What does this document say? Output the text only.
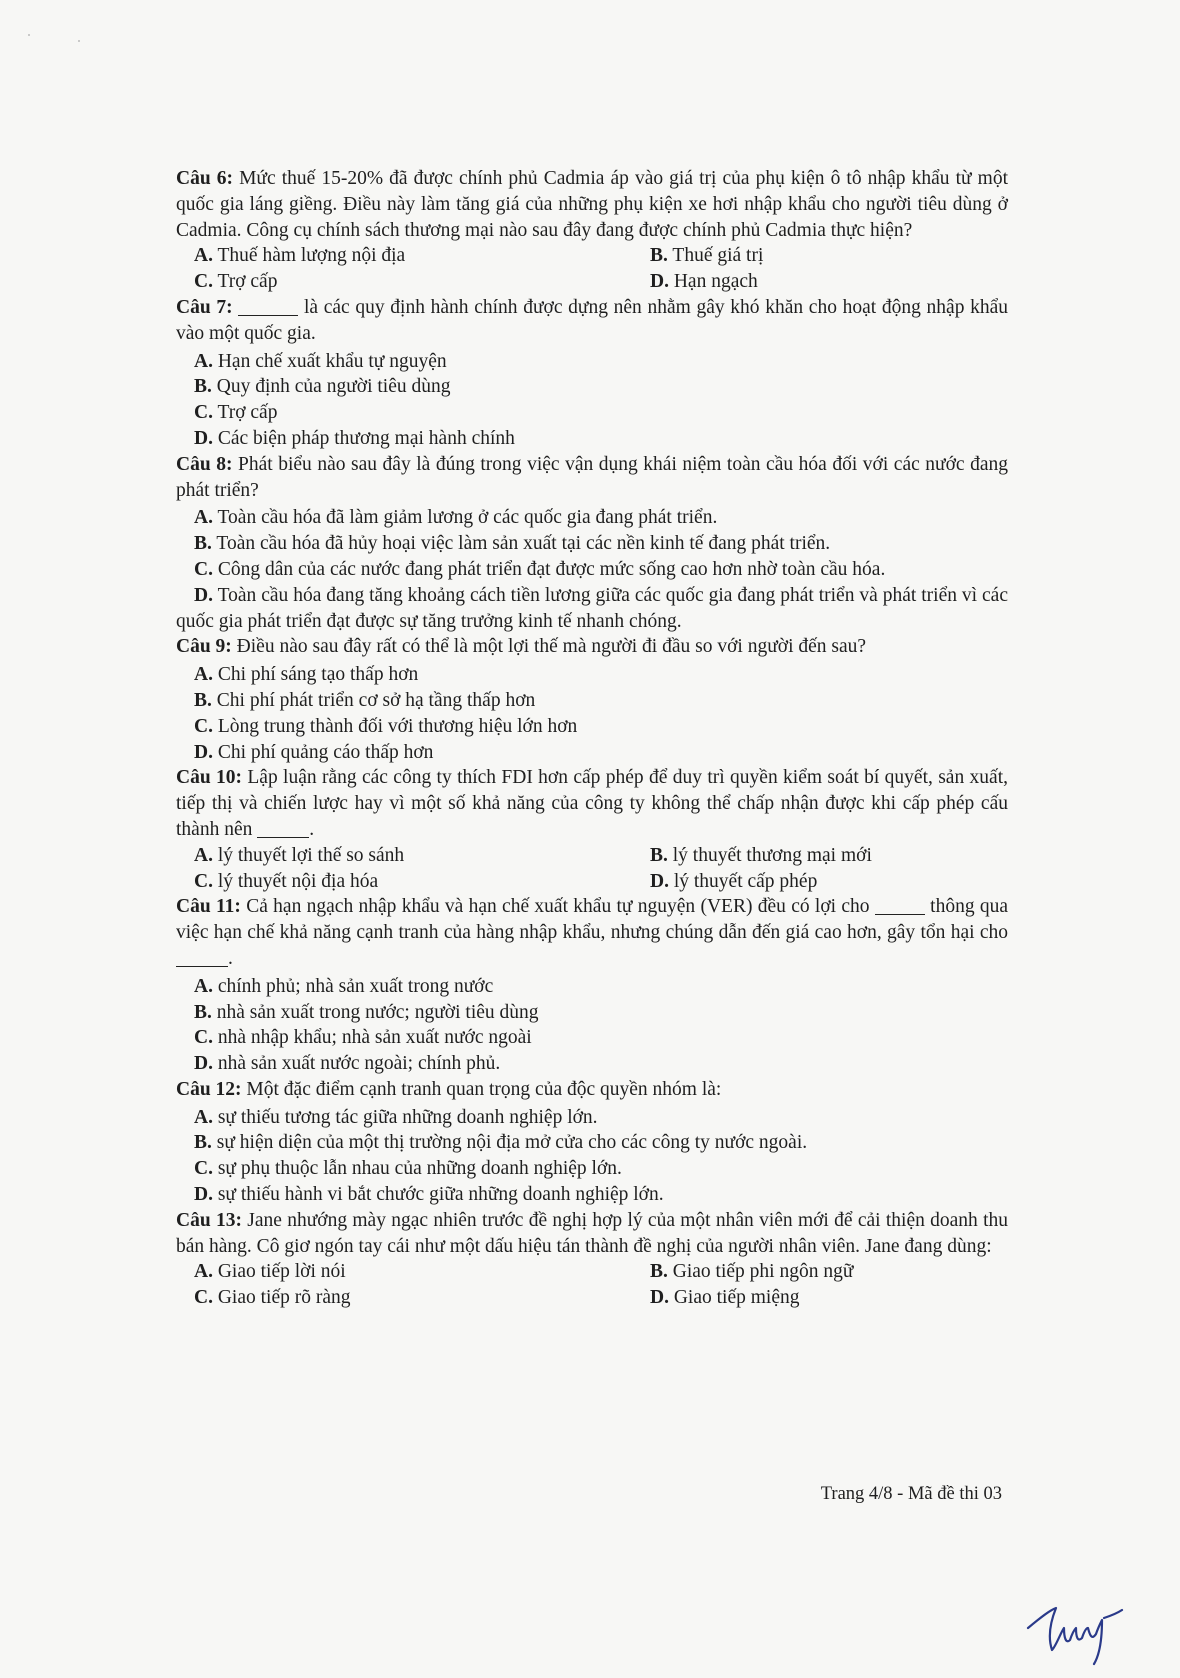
Câu 6: Mức thuế 15-20% đã được chính phủ Cadmia áp vào giá trị của phụ kiện ô tô nhập khẩu từ một quốc gia láng giềng. Điều này làm tăng giá của những phụ kiện xe hơi nhập khẩu cho người tiêu dùng ở Cadmia. Công cụ chính sách thương mại nào sau đây đang được chính phủ Cadmia thực hiện?
A. Thuế hàm lượng nội địa	B. Thuế giá trị
C. Trợ cấp	D. Hạn ngạch
Câu 7:	là các quy định hành chính được dựng nên nhằm gây khó khăn cho hoạt động nhập khẩu vào một quốc gia.
A. Hạn chế xuất khẩu tự nguyện
B. Quy định của người tiêu dùng
C. Trợ cấp
D. Các biện pháp thương mại hành chính
Câu 8: Phát biểu nào sau đây là đúng trong việc vận dụng khái niệm toàn cầu hóa đối với các nước đang phát triển?
A. Toàn cầu hóa đã làm giảm lương ở các quốc gia đang phát triển.
B. Toàn cầu hóa đã hủy hoại việc làm sản xuất tại các nền kinh tế đang phát triển.
C. Công dân của các nước đang phát triển đạt được mức sống cao hơn nhờ toàn cầu hóa.
D. Toàn cầu hóa đang tăng khoảng cách tiền lương giữa các quốc gia đang phát triển và phát triển vì các quốc gia phát triển đạt được sự tăng trưởng kinh tế nhanh chóng.
Câu 9: Điều nào sau đây rất có thể là một lợi thế mà người đi đầu so với người đến sau?
A. Chi phí sáng tạo thấp hơn
B. Chi phí phát triển cơ sở hạ tầng thấp hơn
C. Lòng trung thành đối với thương hiệu lớn hơn
D. Chi phí quảng cáo thấp hơn
Câu 10: Lập luận rằng các công ty thích FDI hơn cấp phép để duy trì quyền kiểm soát bí quyết, sản xuất, tiếp thị và chiến lược hay vì một số khả năng của công ty không thể chấp nhận được khi cấp phép cấu thành nên	.
A. lý thuyết lợi thế so sánh	B. lý thuyết thương mại mới
C. lý thuyết nội địa hóa	D. lý thuyết cấp phép
Câu 11: Cả hạn ngạch nhập khẩu và hạn chế xuất khẩu tự nguyện (VER) đều có lợi cho	thông qua việc hạn chế khả năng cạnh tranh của hàng nhập khẩu, nhưng chúng dẫn đến giá cao hơn, gây tổn hại cho .
A. chính phủ; nhà sản xuất trong nước
B. nhà sản xuất trong nước; người tiêu dùng
C. nhà nhập khẩu; nhà sản xuất nước ngoài
D. nhà sản xuất nước ngoài; chính phủ.
Câu 12: Một đặc điểm cạnh tranh quan trọng của độc quyền nhóm là:
A. sự thiếu tương tác giữa những doanh nghiệp lớn.
B. sự hiện diện của một thị trường nội địa mở cửa cho các công ty nước ngoài.
C. sự phụ thuộc lẫn nhau của những doanh nghiệp lớn.
D. sự thiếu hành vi bắt chước giữa những doanh nghiệp lớn.
Câu 13: Jane nhướng mày ngạc nhiên trước đề nghị hợp lý của một nhân viên mới để cải thiện doanh thu bán hàng. Cô giơ ngón tay cái như một dấu hiệu tán thành đề nghị của người nhân viên. Jane đang dùng:
A. Giao tiếp lời nói	B. Giao tiếp phi ngôn ngữ
C. Giao tiếp rõ ràng	D. Giao tiếp miệng
Trang 4/8 - Mã đề thi 03
